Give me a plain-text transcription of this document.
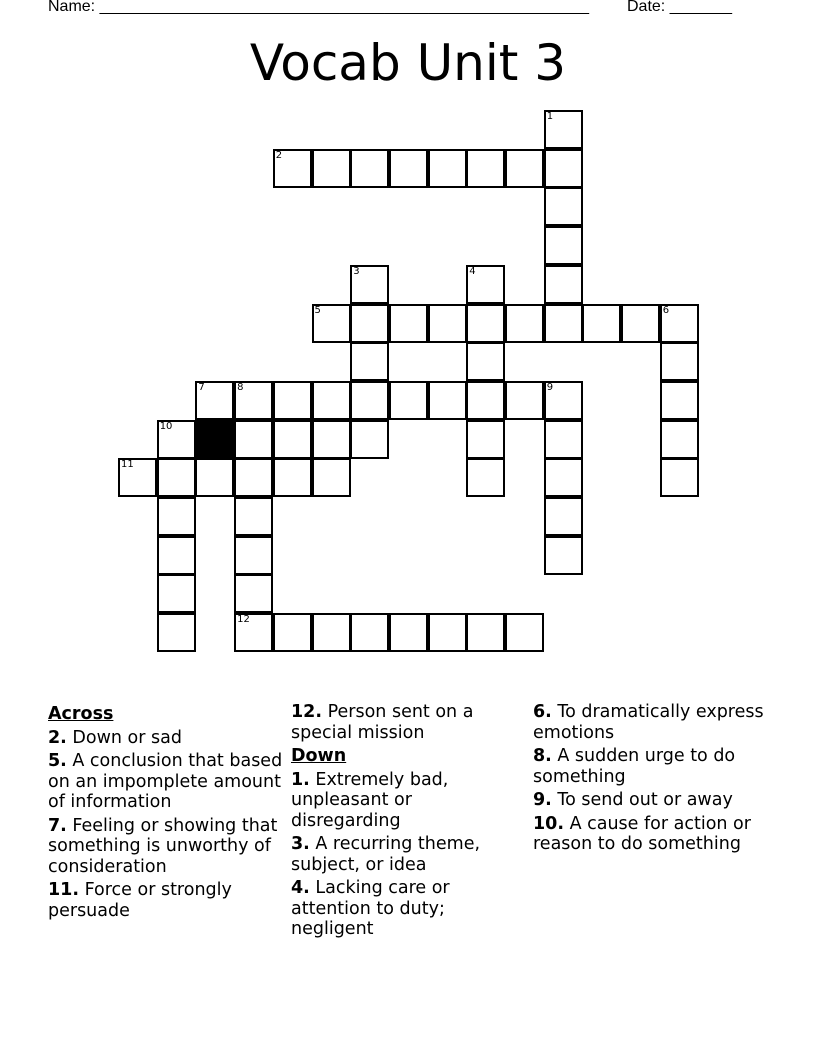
Name: _______________________________________________________ Date: _______
Vocab Unit 3
1
2
3	4
5	6
7	8	9
10
11
12
Across
2. Down or sad
5. A conclusion that based on an impomplete amount of information
7. Feeling or showing that something is unworthy of consideration
11. Force or strongly persuade
12. Person sent on a special mission
Down
1. Extremely bad, unpleasant or disregarding
3. A recurring theme, subject, or idea
4. Lacking care or attention to duty; negligent
6. To dramatically express emotions
8. A sudden urge to do something
9. To send out or away
10. A cause for action or reason to do something
